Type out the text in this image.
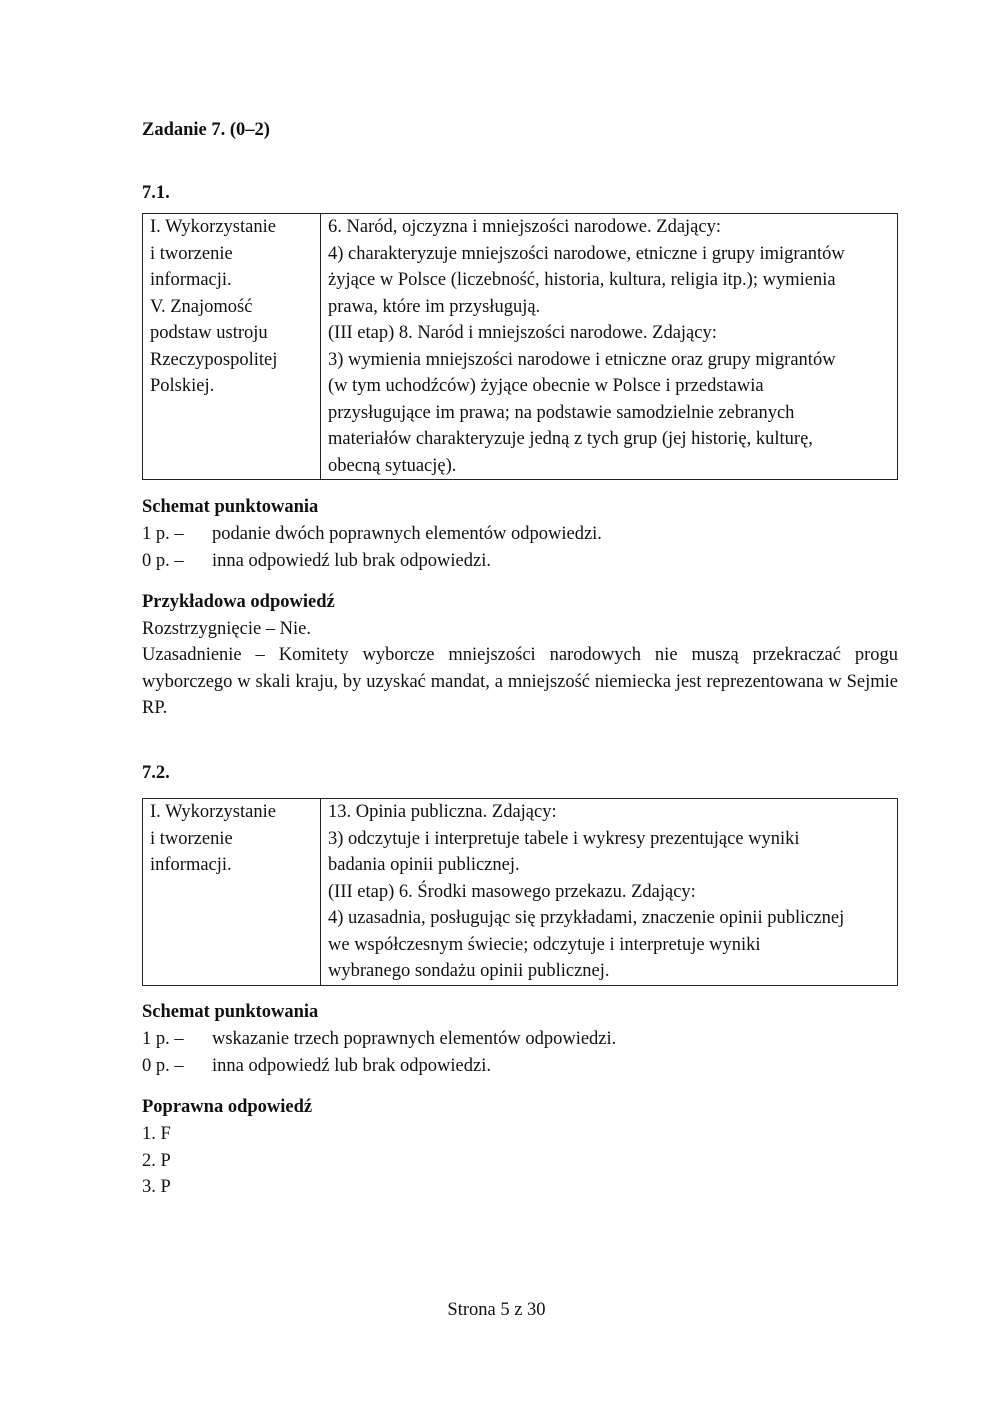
Zadanie 7. (0–2)
7.1.
I. Wykorzystanie
i tworzenie
informacji.
V. Znajomość
podstaw ustroju
Rzeczypospolitej
Polskiej.

6. Naród, ojczyzna i mniejszości narodowe. Zdający:
4) charakteryzuje mniejszości narodowe, etniczne i grupy imigrantów
żyjące w Polsce (liczebność, historia, kultura, religia itp.); wymienia
prawa, które im przysługują.
(III etap) 8. Naród i mniejszości narodowe. Zdający:
3) wymienia mniejszości narodowe i etniczne oraz grupy migrantów
(w tym uchodźców) żyjące obecnie w Polsce i przedstawia
przysługujące im prawa; na podstawie samodzielnie zebranych
materiałów charakteryzuje jedną z tych grup (jej historię, kulturę,
obecną sytuację).
Schemat punktowania
1 p. –	podanie dwóch poprawnych elementów odpowiedzi.
0 p. –	inna odpowiedź lub brak odpowiedzi.
Przykładowa odpowiedź
Rozstrzygnięcie – Nie.
Uzasadnienie – Komitety wyborcze mniejszości narodowych nie muszą przekraczać progu wyborczego w skali kraju, by uzyskać mandat, a mniejszość niemiecka jest reprezentowana w Sejmie RP.
7.2.
I. Wykorzystanie
i tworzenie
informacji.

13. Opinia publiczna. Zdający:
3) odczytuje i interpretuje tabele i wykresy prezentujące wyniki
badania opinii publicznej.
(III etap) 6. Środki masowego przekazu. Zdający:
4) uzasadnia, posługując się przykładami, znaczenie opinii publicznej
we współczesnym świecie; odczytuje i interpretuje wyniki
wybranego sondażu opinii publicznej.
Schemat punktowania
1 p. –	wskazanie trzech poprawnych elementów odpowiedzi.
0 p. –	inna odpowiedź lub brak odpowiedzi.
Poprawna odpowiedź
1. F
2. P
3. P
Strona 5 z 30
